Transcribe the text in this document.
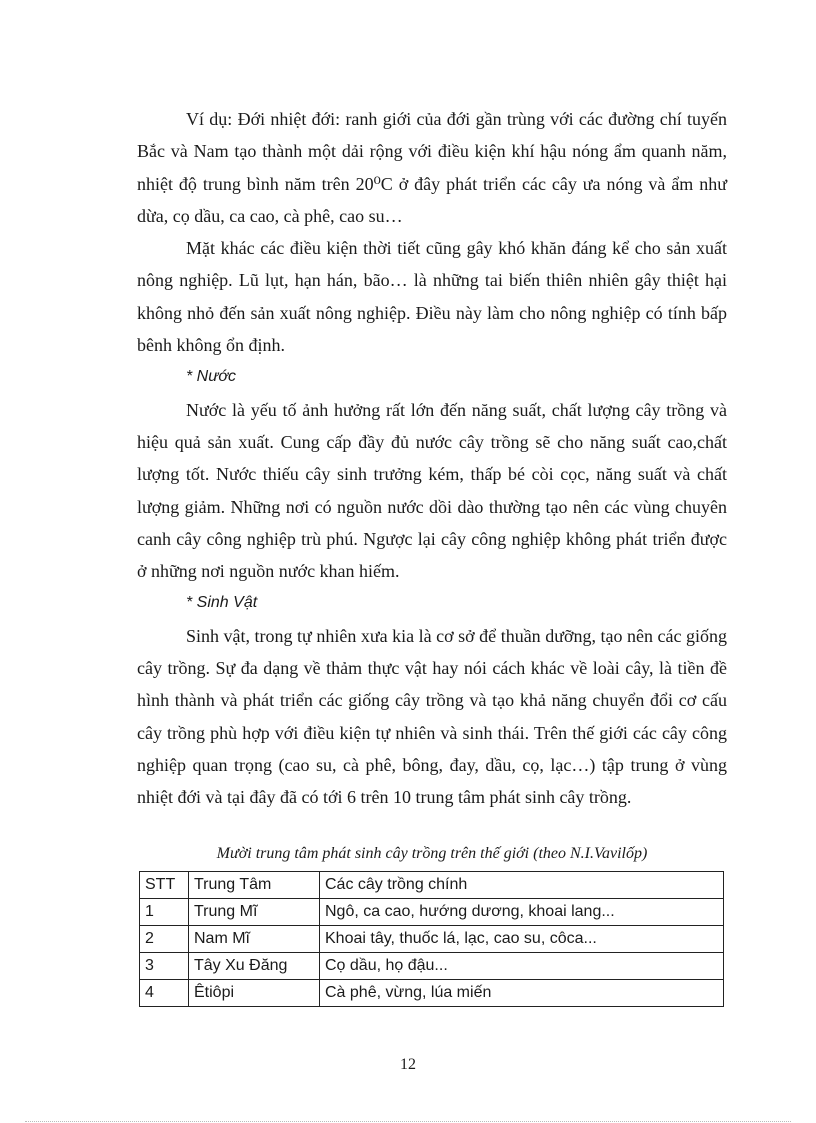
Ví dụ: Đới nhiệt đới: ranh giới của đới gần trùng với các đường chí tuyến Bắc và Nam tạo thành một dải rộng với điều kiện khí hậu nóng ẩm quanh năm, nhiệt độ trung bình năm trên 20⁰C ở đây phát triển các cây ưa nóng và ẩm như dừa, cọ dầu, ca cao, cà phê, cao su…

Mặt khác các điều kiện thời tiết cũng gây khó khăn đáng kể cho sản xuất nông nghiệp. Lũ lụt, hạn hán, bão… là những tai biến thiên nhiên gây thiệt hại không nhỏ đến sản xuất nông nghiệp. Điều này làm cho nông nghiệp có tính bấp bênh không ổn định.

* Nước

Nước là yếu tố ảnh hưởng rất lớn đến năng suất, chất lượng cây trồng và hiệu quả sản xuất. Cung cấp đầy đủ nước cây trồng sẽ cho năng suất cao,chất lượng tốt. Nước thiếu cây sinh trưởng kém, thấp bé còi cọc, năng suất và chất lượng giảm. Những nơi có nguồn nước dồi dào thường tạo nên các vùng chuyên canh cây công nghiệp trù phú. Ngược lại cây công nghiệp không phát triển được ở những nơi nguồn nước khan hiếm.

* Sinh Vật

Sinh vật, trong tự nhiên xưa kia là cơ sở để thuần dưỡng, tạo nên các giống cây trồng. Sự đa dạng về thảm thực vật hay nói cách khác về loài cây, là tiền đề hình thành và phát triển các giống cây trồng và tạo khả năng chuyển đổi cơ cấu cây trồng phù hợp với điều kiện tự nhiên và sinh thái. Trên thế giới các cây công nghiệp quan trọng (cao su, cà phê, bông, đay, dầu, cọ, lạc…) tập trung ở vùng nhiệt đới và tại đây đã có tới 6 trên 10 trung tâm phát sinh cây trồng.

Mười trung tâm phát sinh cây trồng trên thế giới (theo N.I.Vavilốp)
STT	Trung Tâm	Các cây trồng chính
1	Trung Mĩ	Ngô, ca cao, hướng dương, khoai lang...
2	Nam Mĩ	Khoai tây, thuốc lá, lạc, cao su, côca...
3	Tây Xu Đăng	Cọ dầu, họ đậu...
4	Êtiôpi	Cà phê, vừng, lúa miến
12
